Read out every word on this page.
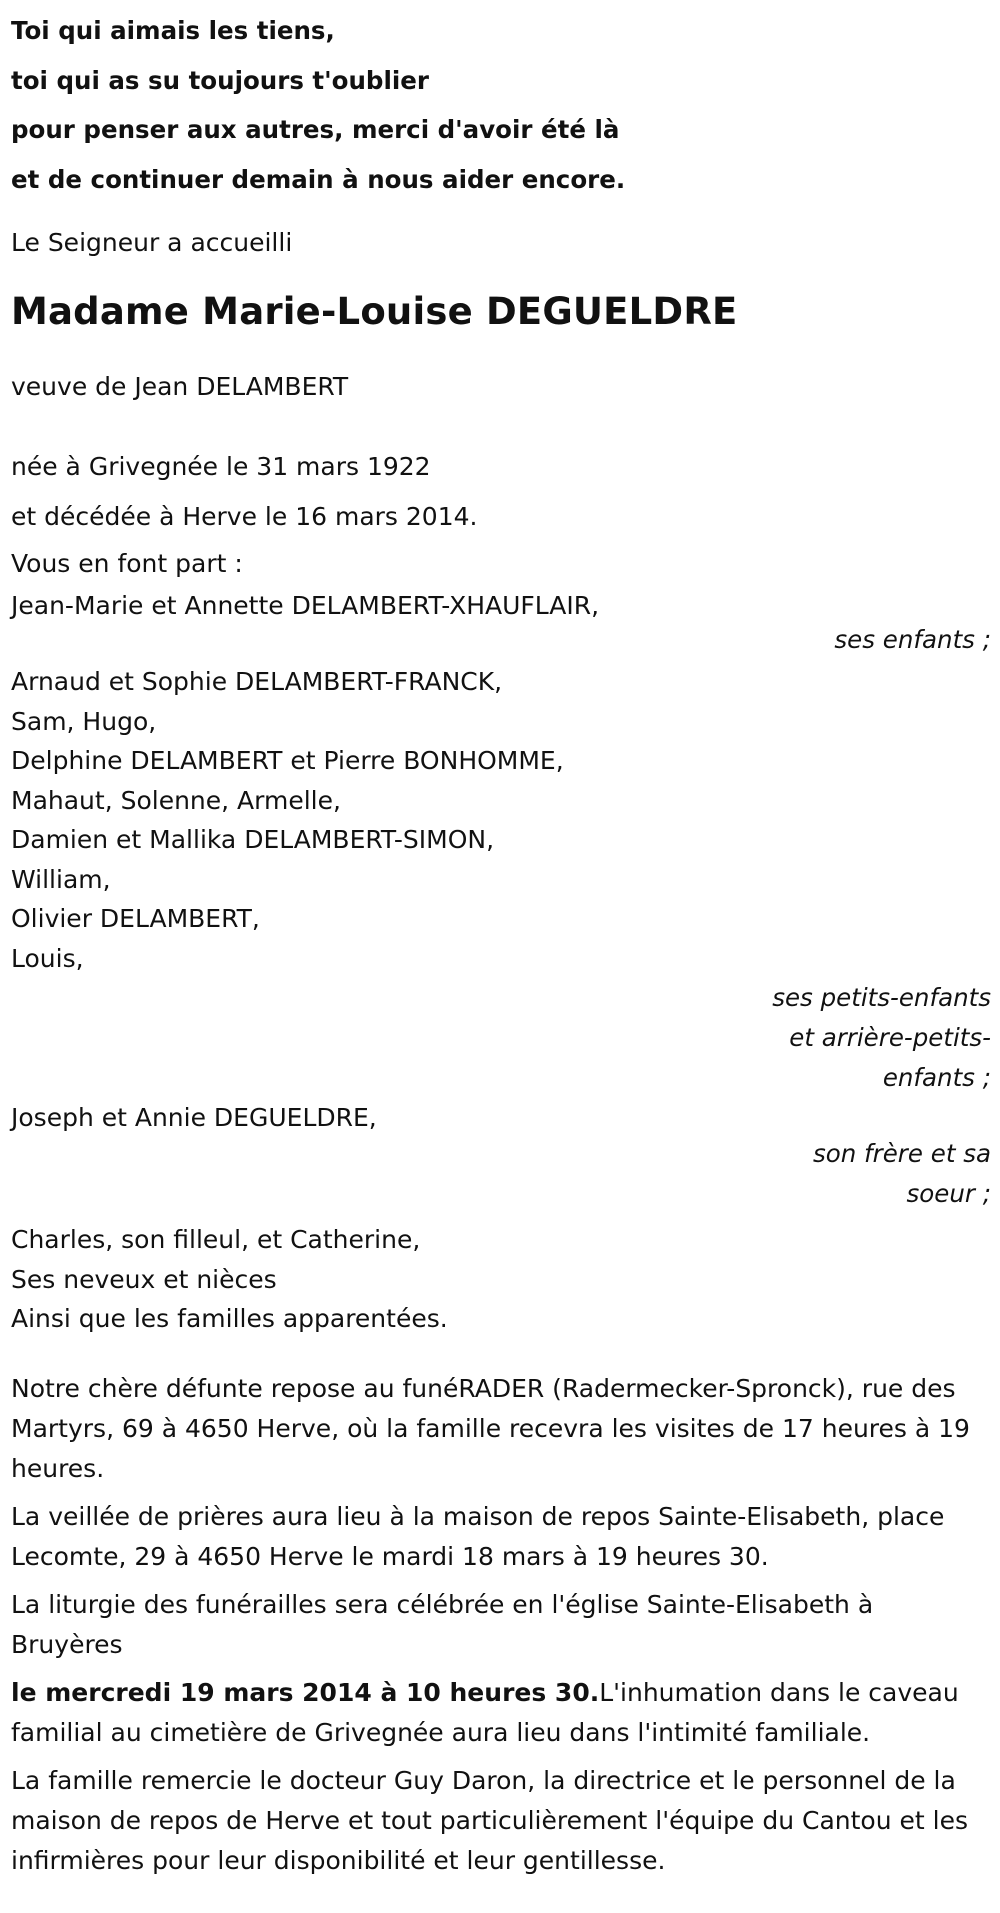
Toi qui aimais les tiens,
toi qui as su toujours t'oublier
pour penser aux autres, merci d'avoir été là
et de continuer demain à nous aider encore.
Le Seigneur a accueilli
Madame Marie-Louise DEGUELDRE
veuve de Jean DELAMBERT
née à Grivegnée le 31 mars 1922
et décédée à Herve le 16 mars 2014.
Vous en font part :
Jean-Marie et Annette DELAMBERT-XHAUFLAIR,
ses enfants ;
Arnaud et Sophie DELAMBERT-FRANCK,
Sam, Hugo,
Delphine DELAMBERT et Pierre BONHOMME,
Mahaut, Solenne, Armelle,
Damien et Mallika DELAMBERT-SIMON,
William,
Olivier DELAMBERT,
Louis,
ses petits-enfants et arrière-petits-enfants ;
Joseph et Annie DEGUELDRE,
son frère et sa soeur ;
Charles, son filleul, et Catherine,
Ses neveux et nièces
Ainsi que les familles apparentées.
Notre chère défunte repose au funéRADER (Radermecker-Spronck), rue des Martyrs, 69 à 4650 Herve, où la famille recevra les visites de 17 heures à 19 heures.
La veillée de prières aura lieu à la maison de repos Sainte-Elisabeth, place Lecomte, 29 à 4650 Herve le mardi 18 mars à 19 heures 30.
La liturgie des funérailles sera célébrée en l'église Sainte-Elisabeth à Bruyères
le mercredi 19 mars 2014 à 10 heures 30.L'inhumation dans le caveau familial au cimetière de Grivegnée aura lieu dans l'intimité familiale.
La famille remercie le docteur Guy Daron, la directrice et le personnel de la maison de repos de Herve et tout particulièrement l'équipe du Cantou et les infirmières pour leur disponibilité et leur gentillesse.
